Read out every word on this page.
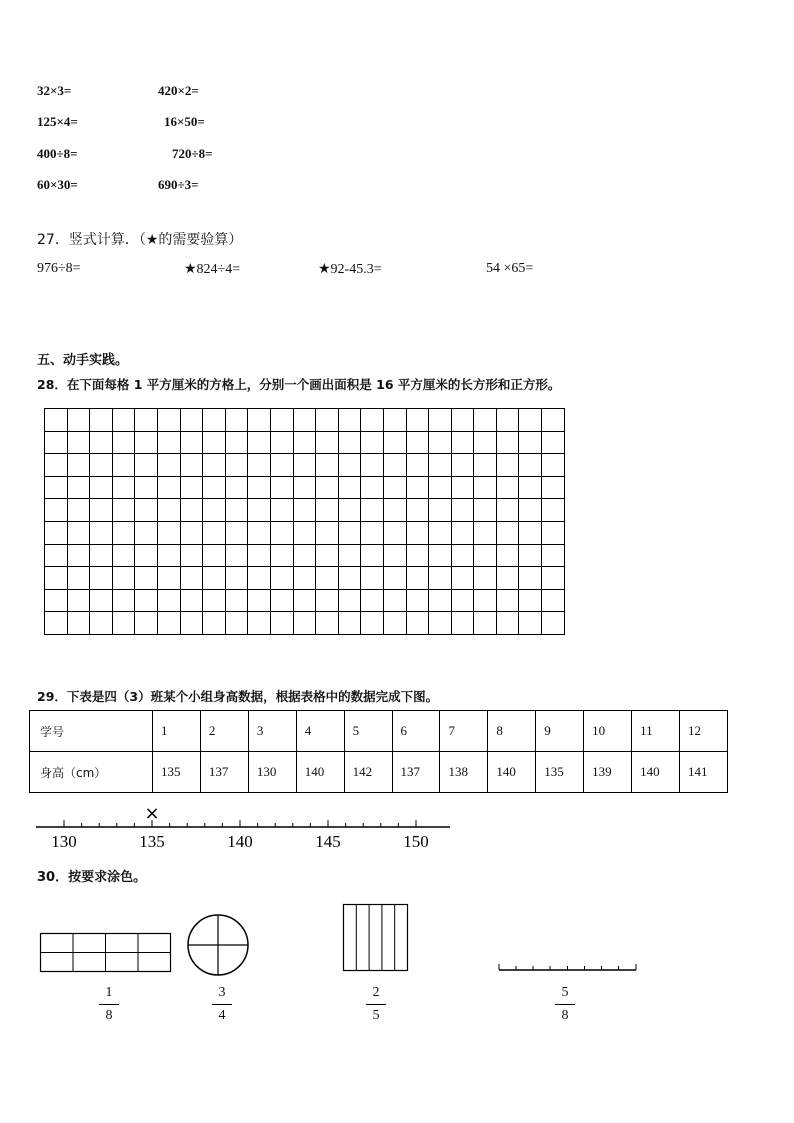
32×3=	420×2=
125×4=	16×50=
400÷8=	720÷8=
60×30=	690÷3=
27．竖式计算．（★的需要验算）
976÷8=	★824÷4=	★92-45.3=	54 ×65=
五、动手实践。
28．在下面每格 1 平方厘米的方格上，分别一个画出面积是 16 平方厘米的长方形和正方形。
29．下表是四（3）班某个小组身高数据，根据表格中的数据完成下图。
学号	1	2	3	4	5	6	7	8	9	10	11	12
身高（cm）	135	137	130	140	142	137	138	140	135	139	140	141
130	135	140	145	150
×
30．按要求涂色。
1
8
3
4
2
5
5
8
